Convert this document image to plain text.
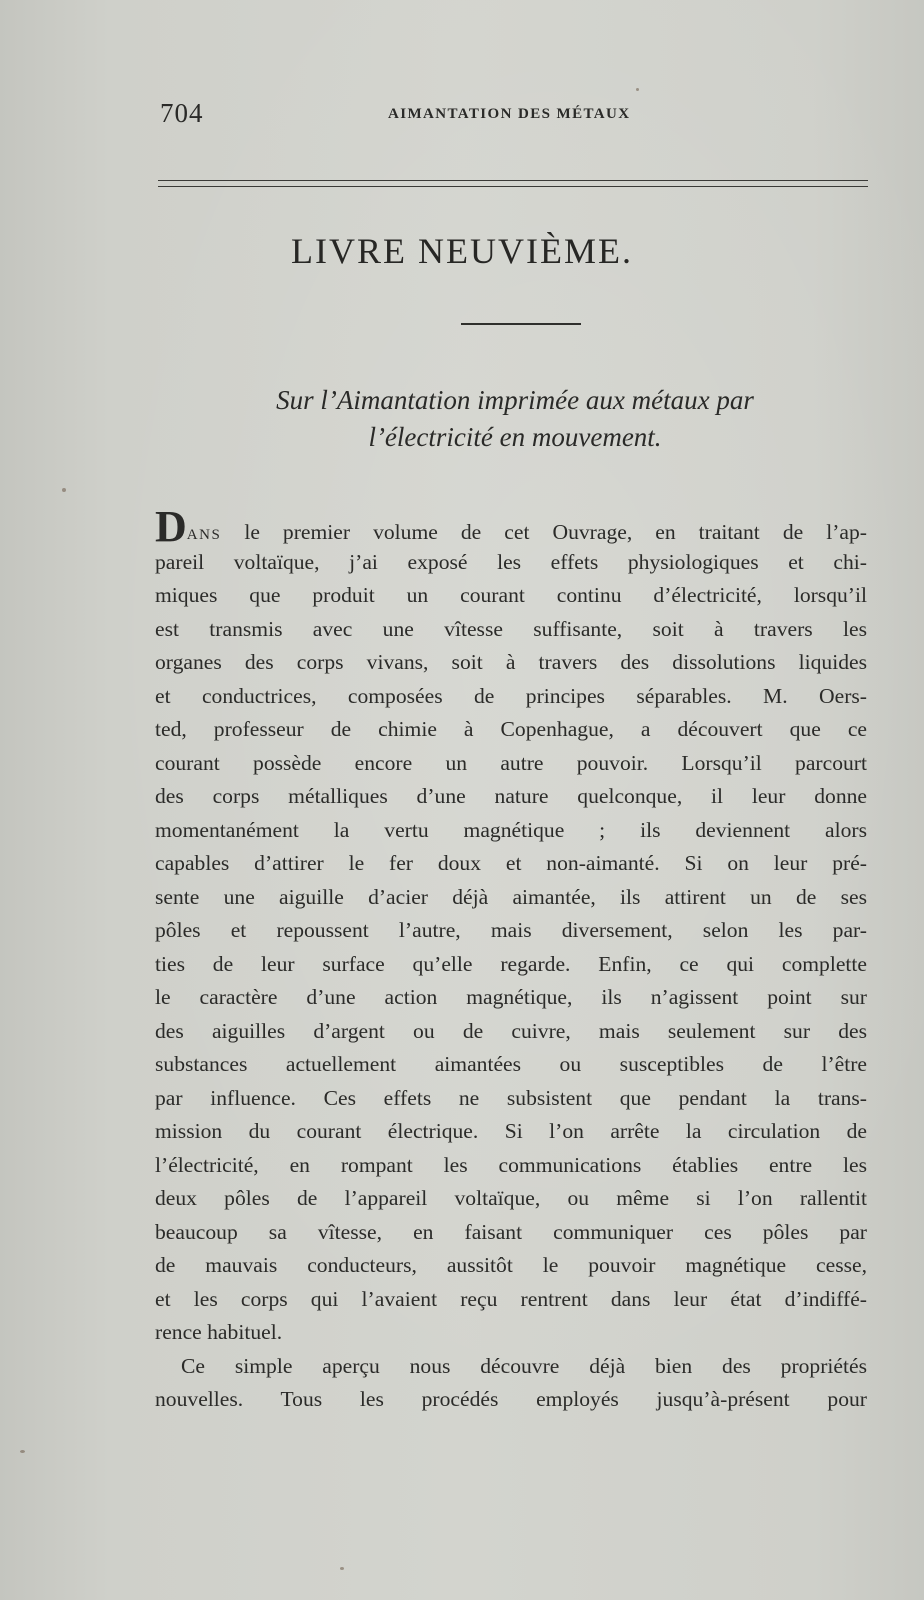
704	AIMANTATION DES MÉTAUX
LIVRE NEUVIÈME.
Sur l’Aimantation imprimée aux métaux par
l’électricité en mouvement.
DANS le premier volume de cet Ouvrage, en traitant de l’ap-
pareil voltaïque, j’ai exposé les effets physiologiques et chi-
miques que produit un courant continu d’électricité, lorsqu’il
est transmis avec une vîtesse suffisante, soit à travers les
organes des corps vivans, soit à travers des dissolutions liquides
et conductrices, composées de principes séparables. M. Oers-
ted, professeur de chimie à Copenhague, a découvert que ce
courant possède encore un autre pouvoir. Lorsqu’il parcourt
des corps métalliques d’une nature quelconque, il leur donne
momentanément la vertu magnétique ; ils deviennent alors
capables d’attirer le fer doux et non-aimanté. Si on leur pré-
sente une aiguille d’acier déjà aimantée, ils attirent un de ses
pôles et repoussent l’autre, mais diversement, selon les par-
ties de leur surface qu’elle regarde. Enfin, ce qui complette
le caractère d’une action magnétique, ils n’agissent point sur
des aiguilles d’argent ou de cuivre, mais seulement sur des
substances actuellement aimantées ou susceptibles de l’être
par influence. Ces effets ne subsistent que pendant la trans-
mission du courant électrique. Si l’on arrête la circulation de
l’électricité, en rompant les communications établies entre les
deux pôles de l’appareil voltaïque, ou même si l’on rallentit
beaucoup sa vîtesse, en faisant communiquer ces pôles par
de mauvais conducteurs, aussitôt le pouvoir magnétique cesse,
et les corps qui l’avaient reçu rentrent dans leur état d’indiffé-
rence habituel.
Ce simple aperçu nous découvre déjà bien des propriétés
nouvelles. Tous les procédés employés jusqu’à-présent pour
